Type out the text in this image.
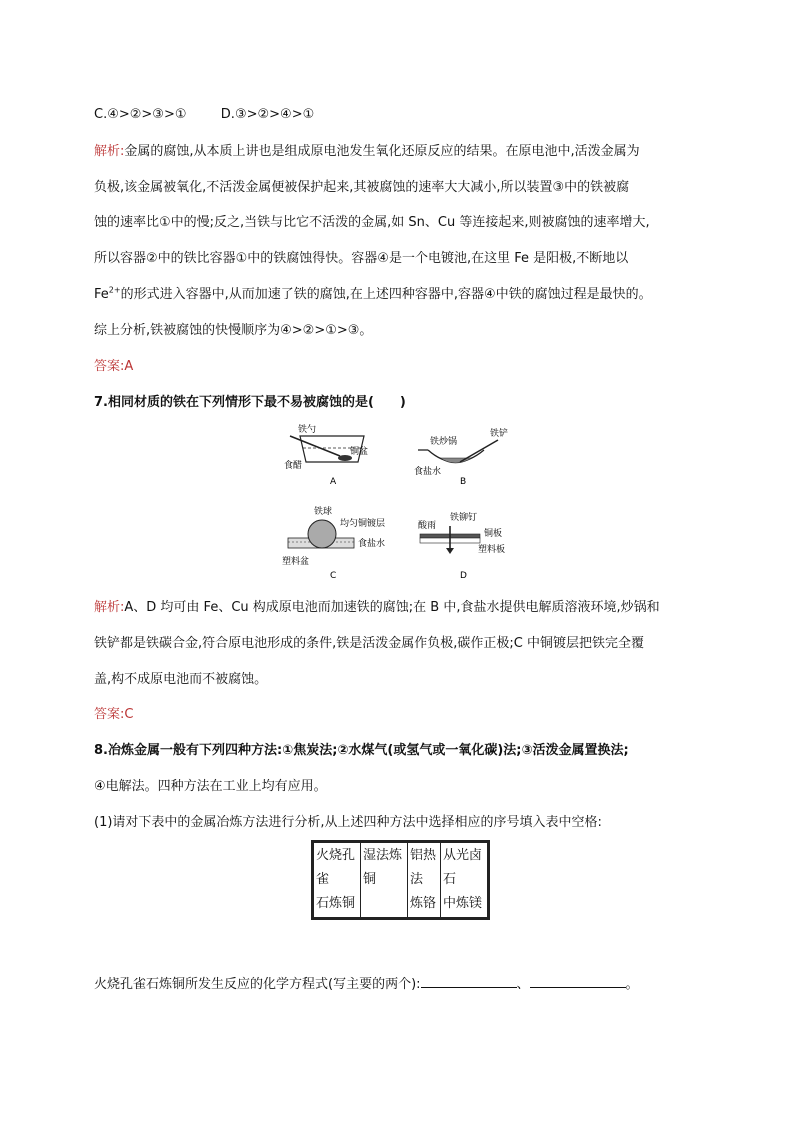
C.④>②>③>①	D.③>②>④>①
解析:金属的腐蚀,从本质上讲也是组成原电池发生氧化还原反应的结果。在原电池中,活泼金属为
负极,该金属被氧化,不活泼金属便被保护起来,其被腐蚀的速率大大减小,所以装置③中的铁被腐
蚀的速率比①中的慢;反之,当铁与比它不活泼的金属,如 Sn、Cu 等连接起来,则被腐蚀的速率增大,
所以容器②中的铁比容器①中的铁腐蚀得快。容器④是一个电镀池,在这里 Fe 是阳极,不断地以
$Fe^{2+}$的形式进入容器中,从而加速了铁的腐蚀,在上述四种容器中,容器④中铁的腐蚀过程是最快的。
综上分析,铁被腐蚀的快慢顺序为④>②>①>③。
答案:A
7.相同材质的铁在下列情形下最不易被腐蚀的是(　　)
铁勺
铜盆
食醋
A
铁炒锅
铁铲
食盐水
B
铁球
均匀铜镀层
食盐水
塑料盆
C
酸雨
铁铆钉
铜板
塑料板
D
解析:A、D 均可由 Fe、Cu 构成原电池而加速铁的腐蚀;在 B 中,食盐水提供电解质溶液环境,炒锅和
铁铲都是铁碳合金,符合原电池形成的条件,铁是活泼金属作负极,碳作正极;C 中铜镀层把铁完全覆
盖,构不成原电池而不被腐蚀。
答案:C
8.冶炼金属一般有下列四种方法:①焦炭法;②水煤气(或氢气或一氧化碳)法;③活泼金属置换法;
④电解法。四种方法在工业上均有应用。
(1)请对下表中的金属冶炼方法进行分析,从上述四种方法中选择相应的序号填入表中空格:
火烧孔
雀
石炼铜

湿法炼
铜

铝热
法
炼铬

从光卤
石
中炼镁
火烧孔雀石炼铜所发生反应的化学方程式(写主要的两个):	、	。
